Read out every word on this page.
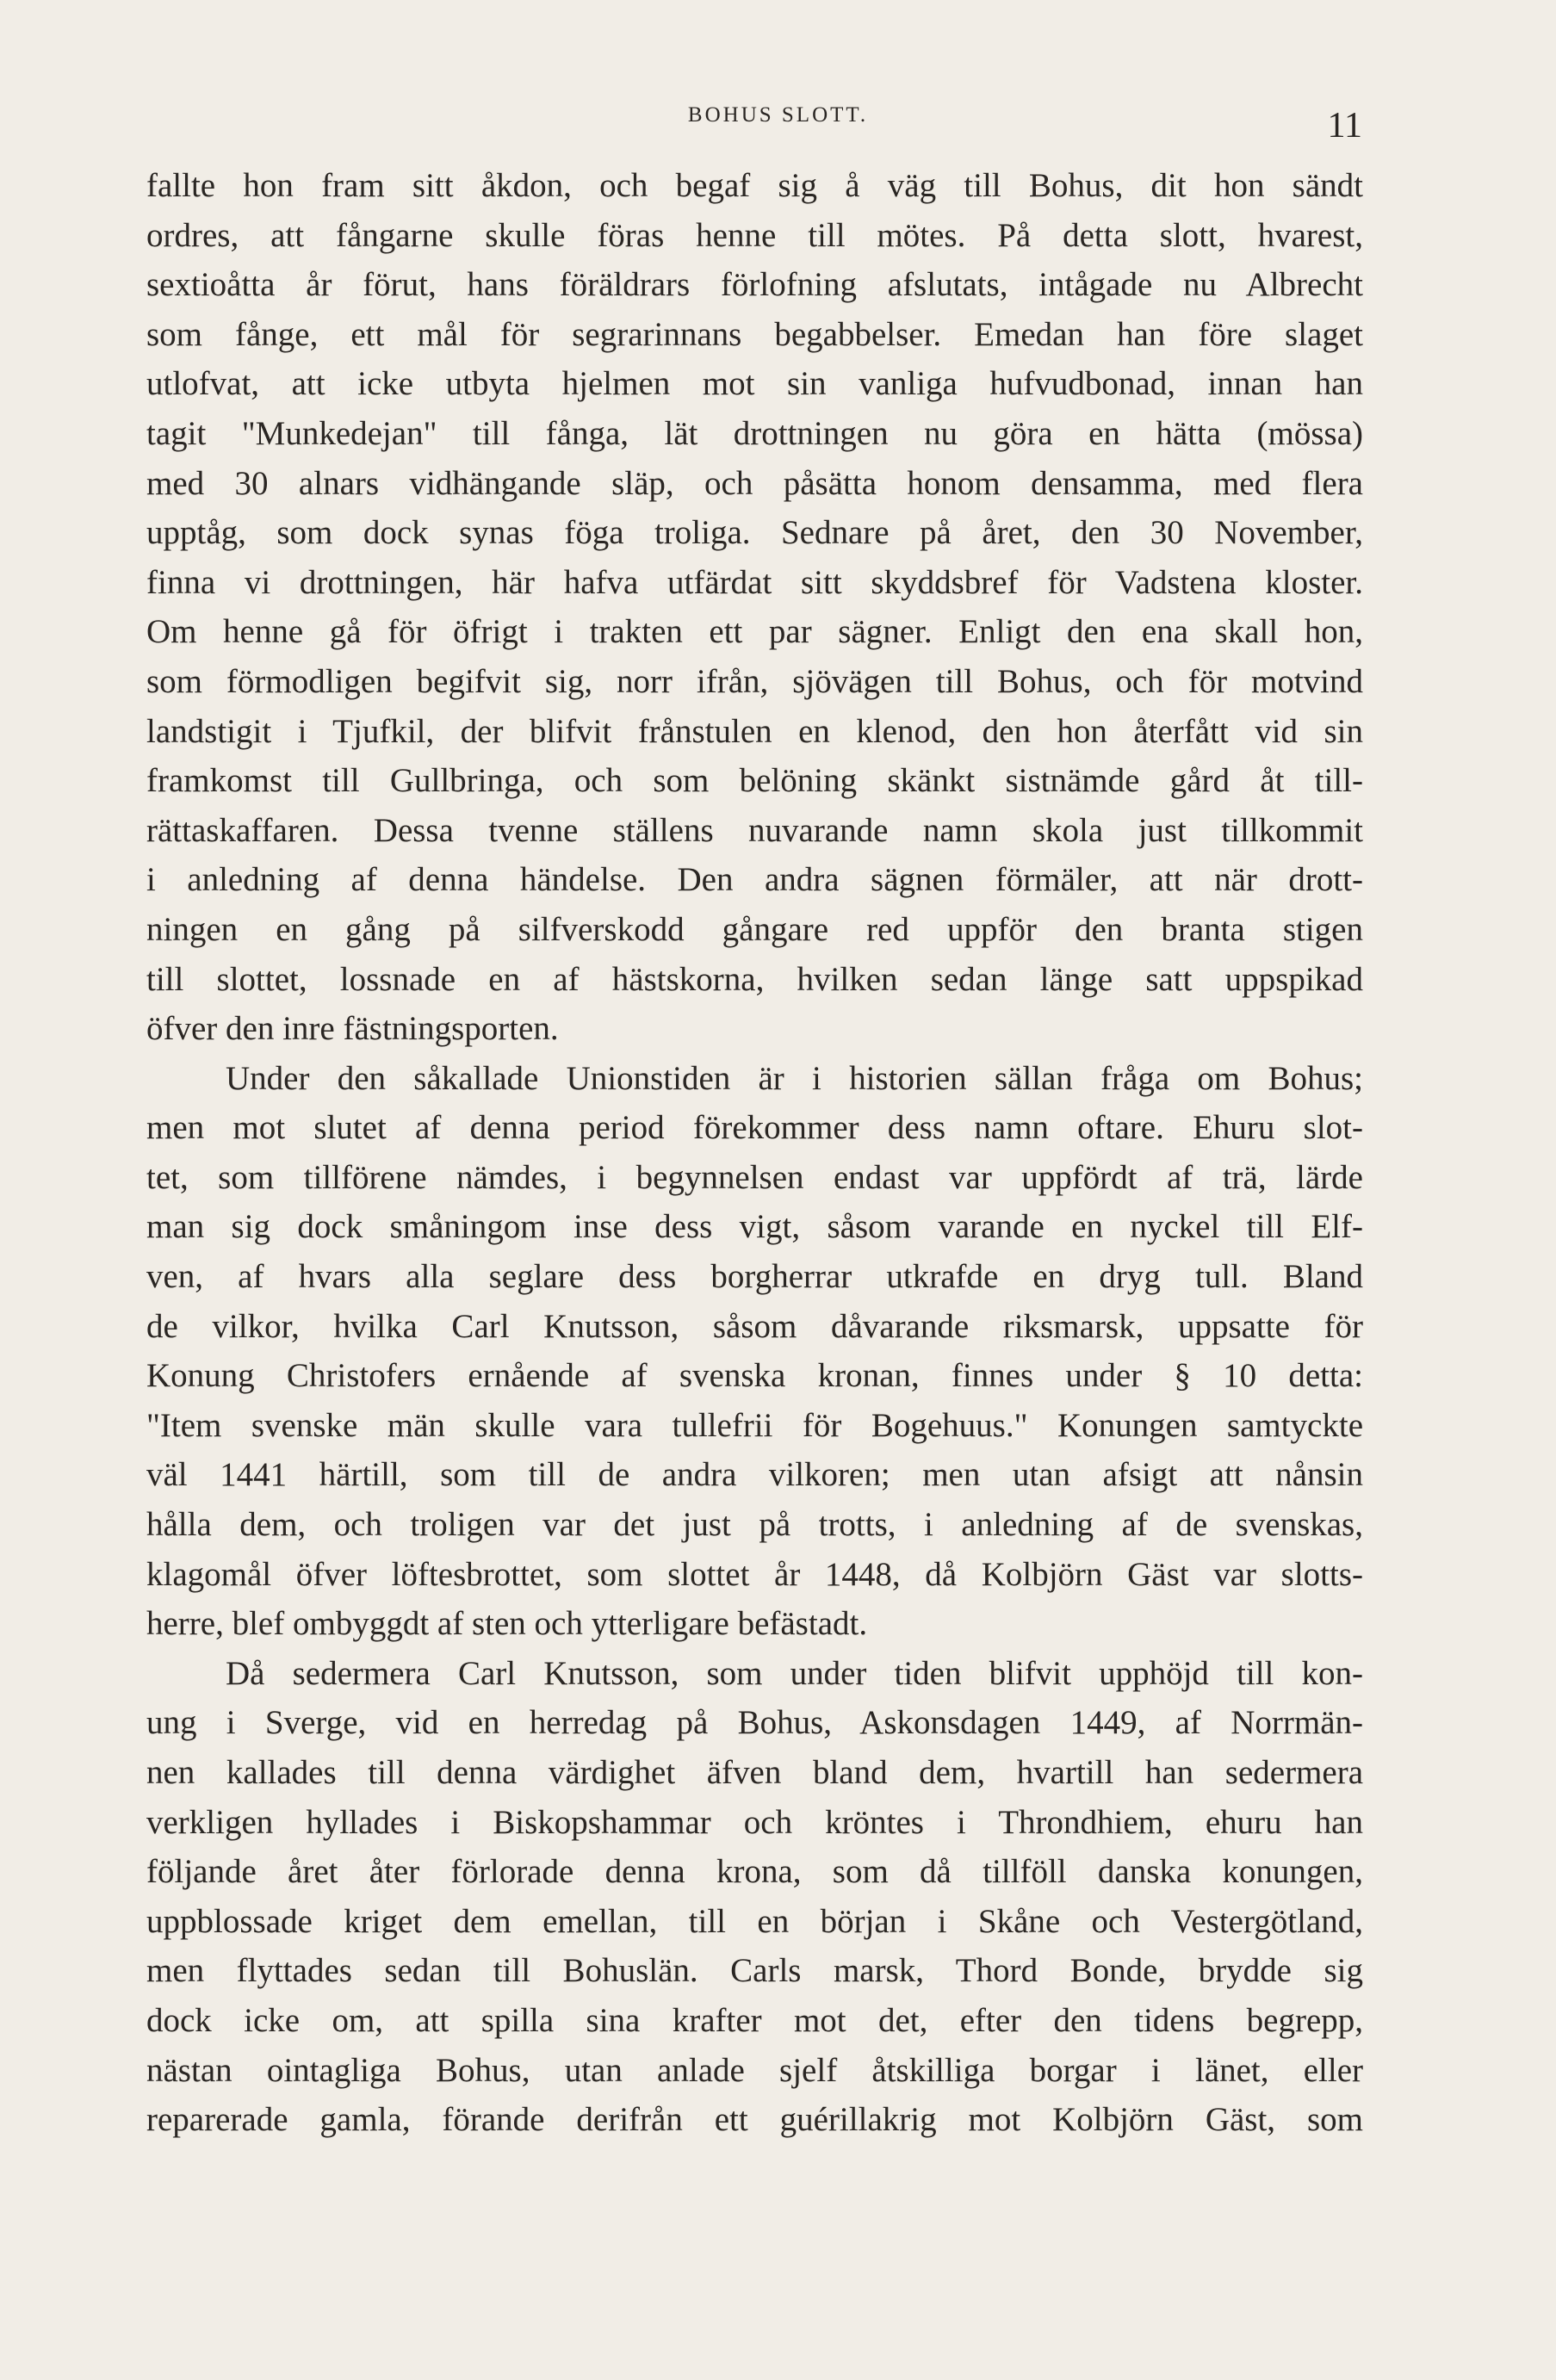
BOHUS SLOTT.	11
fallte hon fram sitt åkdon, och begaf sig å väg till Bohus, dit hon sändt
ordres, att fångarne skulle föras henne till mötes. På detta slott, hvarest,
sextioåtta år förut, hans föräldrars förlofning afslutats, intågade nu Albrecht
som fånge, ett mål för segrarinnans begabbelser. Emedan han före slaget
utlofvat, att icke utbyta hjelmen mot sin vanliga hufvudbonad, innan han
tagit "Munkedejan" till fånga, lät drottningen nu göra en hätta (mössa)
med 30 alnars vidhängande släp, och påsätta honom densamma, med flera
upptåg, som dock synas föga troliga. Sednare på året, den 30 November,
finna vi drottningen, här hafva utfärdat sitt skyddsbref för Vadstena kloster.
Om henne gå för öfrigt i trakten ett par sägner. Enligt den ena skall hon,
som förmodligen begifvit sig, norr ifrån, sjövägen till Bohus, och för motvind
landstigit i Tjufkil, der blifvit frånstulen en klenod, den hon återfått vid sin
framkomst till Gullbringa, och som belöning skänkt sistnämde gård åt till-
rättaskaffaren. Dessa tvenne ställens nuvarande namn skola just tillkommit
i anledning af denna händelse. Den andra sägnen förmäler, att när drott-
ningen en gång på silfverskodd gångare red uppför den branta stigen
till slottet, lossnade en af hästskorna, hvilken sedan länge satt uppspikad
öfver den inre fästningsporten.
Under den såkallade Unionstiden är i historien sällan fråga om Bohus;
men mot slutet af denna period förekommer dess namn oftare. Ehuru slot-
tet, som tillförene nämdes, i begynnelsen endast var uppfördt af trä, lärde
man sig dock småningom inse dess vigt, såsom varande en nyckel till Elf-
ven, af hvars alla seglare dess borgherrar utkrafde en dryg tull. Bland
de vilkor, hvilka Carl Knutsson, såsom dåvarande riksmarsk, uppsatte för
Konung Christofers ernående af svenska kronan, finnes under § 10 detta:
"Item svenske män skulle vara tullefrii för Bogehuus." Konungen samtyckte
väl 1441 härtill, som till de andra vilkoren; men utan afsigt att nånsin
hålla dem, och troligen var det just på trotts, i anledning af de svenskas,
klagomål öfver löftesbrottet, som slottet år 1448, då Kolbjörn Gäst var slotts-
herre, blef ombyggdt af sten och ytterligare befästadt.
Då sedermera Carl Knutsson, som under tiden blifvit upphöjd till kon-
ung i Sverge, vid en herredag på Bohus, Askonsdagen 1449, af Norrmän-
nen kallades till denna värdighet äfven bland dem, hvartill han sedermera
verkligen hyllades i Biskopshammar och kröntes i Throndhiem, ehuru han
följande året åter förlorade denna krona, som då tillföll danska konungen,
uppblossade kriget dem emellan, till en början i Skåne och Vestergötland,
men flyttades sedan till Bohuslän. Carls marsk, Thord Bonde, brydde sig
dock icke om, att spilla sina krafter mot det, efter den tidens begrepp,
nästan ointagliga Bohus, utan anlade sjelf åtskilliga borgar i länet, eller
reparerade gamla, förande derifrån ett guérillakrig mot Kolbjörn Gäst, som
